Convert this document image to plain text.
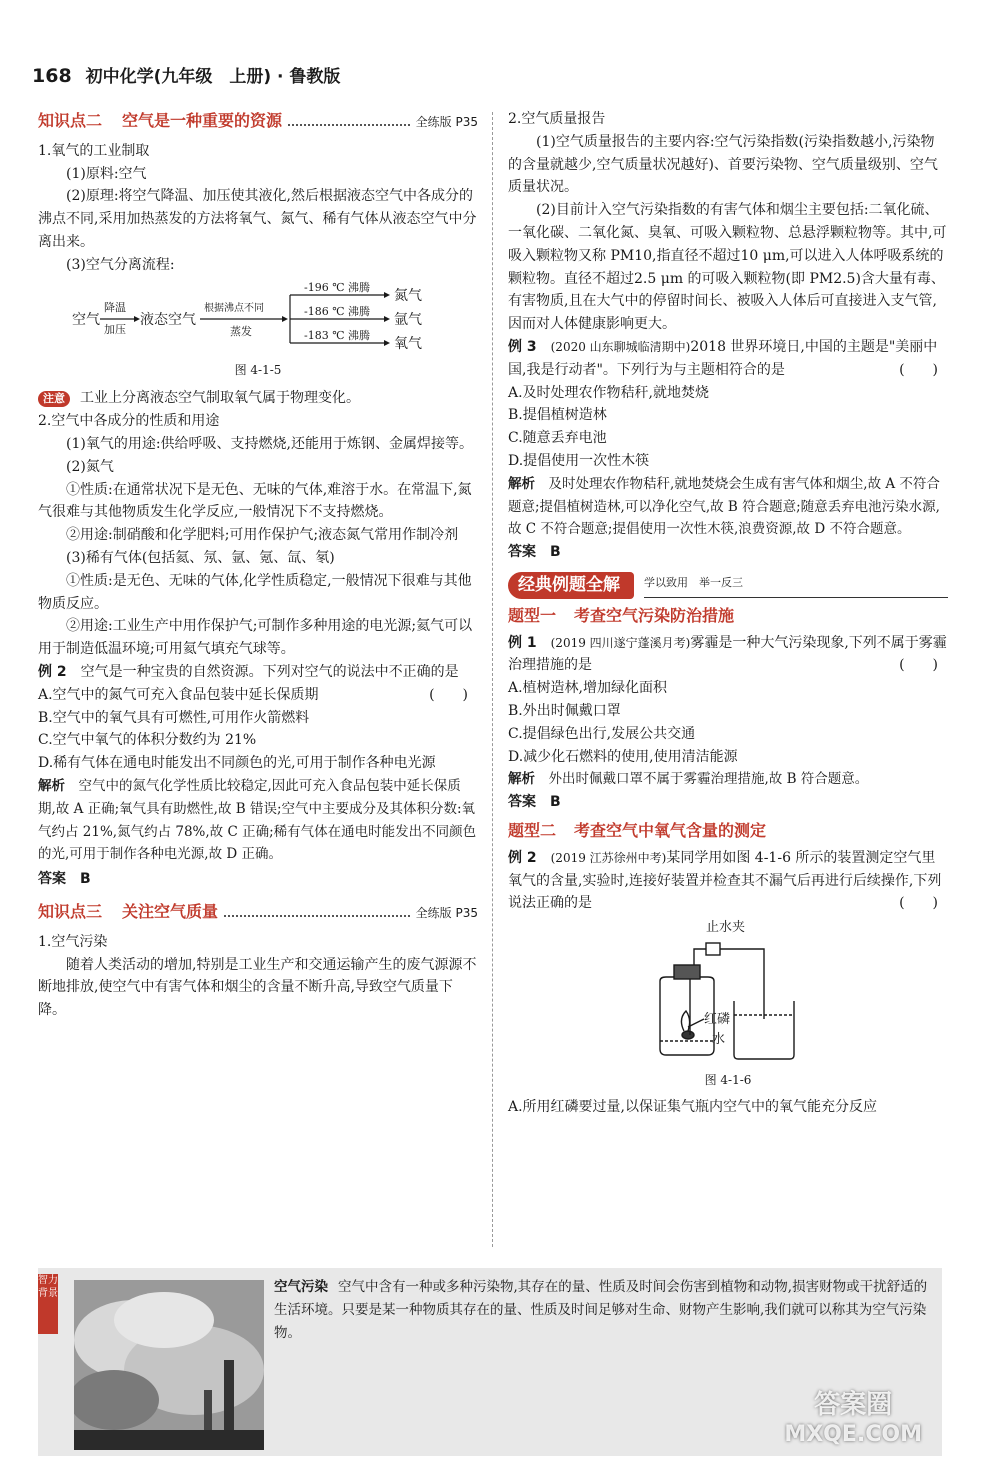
168 初中化学(九年级　上册) · 鲁教版
知识点二 空气是一种重要的资源	全练版 P35

1.氧气的工业制取

(1)原料:空气

(2)原理:将空气降温、加压使其液化,然后根据液态空气中各成分的沸点不同,采用加热蒸发的方法将氧气、氮气、稀有气体从液态空气中分离出来。

(3)空气分离流程:

空气
降温
加压
液态空气
根据沸点不同
蒸发
-196 ℃ 沸腾
-186 ℃ 沸腾
-183 ℃ 沸腾
氮气
氩气
氧气

图 4-1-5

注意 工业上分离液态空气制取氧气属于物理变化。

2.空气中各成分的性质和用途

(1)氧气的用途:供给呼吸、支持燃烧,还能用于炼钢、金属焊接等。

(2)氮气

①性质:在通常状况下是无色、无味的气体,难溶于水。在常温下,氮气很难与其他物质发生化学反应,一般情况下不支持燃烧。

②用途:制硝酸和化学肥料;可用作保护气;液态氮气常用作制冷剂

(3)稀有气体(包括氦、氖、氩、氪、氙、氡)

①性质:是无色、无味的气体,化学性质稳定,一般情况下很难与其他物质反应。

②用途:工业生产中用作保护气;可制作多种用途的电光源;氦气可以用于制造低温环境;可用氦气填充气球等。

例 2　 空气是一种宝贵的自然资源。下列对空气的说法中不正确的是
(　　)

A.空气中的氮气可充入食品包装中延长保质期

B.空气中的氧气具有可燃性,可用作火箭燃料

C.空气中氧气的体积分数约为 21%

D.稀有气体在通电时能发出不同颜色的光,可用于制作各种电光源

解析　 空气中的氮气化学性质比较稳定,因此可充入食品包装中延长保质期,故 A 正确;氧气具有助燃性,故 B 错误;空气中主要成分及其体积分数:氧气约占 21%,氮气约占 78%,故 C 正确;稀有气体在通电时能发出不同颜色的光,可用于制作各种电光源,故 D 正确。

答案　 B

知识点三 关注空气质量	全练版 P35

1.空气污染

随着人类活动的增加,特别是工业生产和交通运输产生的废气源源不断地排放,使空气中有害气体和烟尘的含量不断升高,导致空气质量下降。

2.空气质量报告

(1)空气质量报告的主要内容:空气污染指数(污染指数越小,污染物的含量就越少,空气质量状况越好)、首要污染物、空气质量级别、空气质量状况。

(2)目前计入空气污染指数的有害气体和烟尘主要包括:二氧化硫、一氧化碳、二氧化氮、臭氧、可吸入颗粒物、总悬浮颗粒物等。其中,可吸入颗粒物又称 PM10,指直径不超过10 μm,可以进入人体呼吸系统的颗粒物。直径不超过2.5 μm 的可吸入颗粒物(即 PM2.5)含大量有毒、有害物质,且在大气中的停留时间长、被吸入人体后可直接进入支气管,因而对人体健康影响更大。

例 3　 (2020 山东聊城临清期中)2018 世界环境日,中国的主题是"美丽中国,我是行动者"。下列行为与主题相符合的是	(　　)

A.及时处理农作物秸秆,就地焚烧

B.提倡植树造林

C.随意丢弃电池

D.提倡使用一次性木筷

解析　 及时处理农作物秸秆,就地焚烧会生成有害气体和烟尘,故 A 不符合题意;提倡植树造林,可以净化空气,故 B 符合题意;随意丢弃电池污染水源,故 C 不符合题意;提倡使用一次性木筷,浪费资源,故 D 不符合题意。

答案　 B

经典例题全解	学以致用　举一反三
题型一 考查空气污染防治措施

例 1　 (2019 四川遂宁蓬溪月考)雾霾是一种大气污染现象,下列不属于雾霾治理措施的是	(　　)

A.植树造林,增加绿化面积

B.外出时佩戴口罩

C.提倡绿色出行,发展公共交通

D.减少化石燃料的使用,使用清洁能源

解析　 外出时佩戴口罩不属于雾霾治理措施,故 B 符合题意。

答案　 B

题型二 考查空气中氧气含量的测定

例 2　 (2019 江苏徐州中考)某同学用如图 4-1-6 所示的装置测定空气里氧气的含量,实验时,连接好装置并检查其不漏气后再进行后续操作,下列说法正确的是	(　　)

止水夹
红磷
水

图 4-1-6

A.所用红磷要过量,以保证集气瓶内空气中的氧气能充分反应

智力背景	空气污染 空气中含有一种或多种污染物,其存在的量、性质及时间会伤害到植物和动物,损害财物或干扰舒适的生活环境。只要是某一种物质其存在的量、性质及时间足够对生命、财物产生影响,我们就可以称其为空气污染物。
答案圈
MXQE.COM
